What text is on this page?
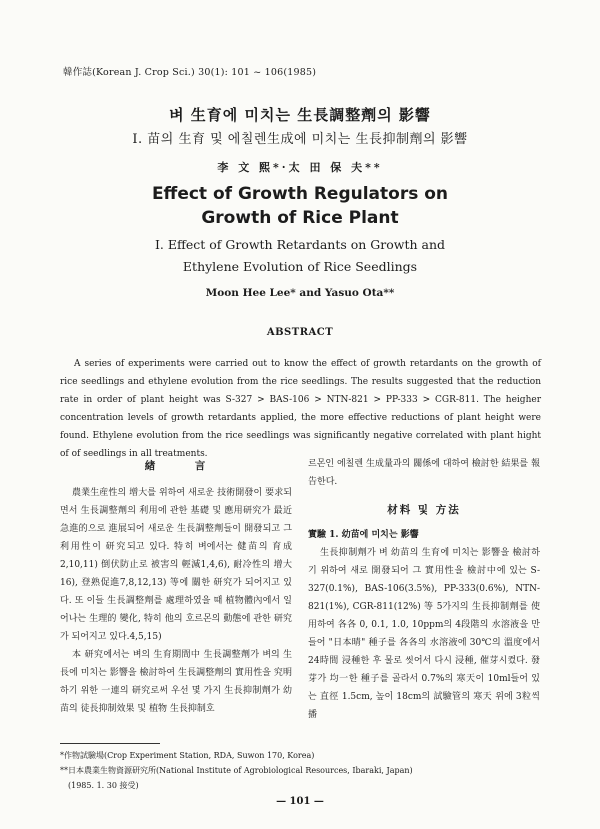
韓作誌(Korean J. Crop Sci.) 30(1): 101 ~ 106(1985)
벼 生育에 미치는 生長調整劑의 影響
I. 苗의 生育 및 에칠렌生成에 미치는 生長抑制劑의 影響
李 文 熙*·太 田 保 夫**
Effect of Growth Regulators on
Growth of Rice Plant
I. Effect of Growth Retardants on Growth and
Ethylene Evolution of Rice Seedlings
Moon Hee Lee* and Yasuo Ota**
ABSTRACT

A series of experiments were carried out to know the effect of growth retardants on the growth of rice seedlings and ethylene evolution from the rice seedlings. The results suggested that the reduction rate in order of plant height was S-327 > BAS-106 > NTN-821 > PP-333 > CGR-811. The heigher concentration levels of growth retardants applied, the more effective reductions of plant height were found. Ethylene evolution from the rice seedlings was significantly negative correlated with plant hight of of seedlings in all treatments.

緖　　　言

農業生産性의 增大를 위하여 새로운 技術開發이 要求되면서 生長調整劑의 利用에 관한 基礎 및 應用研究가 最近 急進的으로 進展되어 새로운 生長調整劑들이 開發되고 그 利用性이 研究되고 있다. 特히 벼에서는 健苗의 育成2,10,11) 倒伏防止로 被害의 輕減1,4,6), 耐冷性의 增大16), 登熟促進7,8,12,13) 等에 關한 研究가 되어지고 있다. 또 이들 生長調整劑를 處理하였을 때 植物體內에서 일어나는 生理的 變化, 特히 他의 호르몬의 動態에 관한 研究가 되어지고 있다.4,5,15)

本 研究에서는 벼의 生育期間中 生長調整劑가 벼의 生長에 미치는 影響을 檢討하여 生長調整劑의 實用性을 究明하기 위한 一連의 研究로써 우선 몇 가지 生長抑制劑가 幼苗의 徒長抑制效果 및 植物 生長抑制호

르몬인 에칠렌 生成量과의 關係에 대하여 檢討한 結果를 報告한다.

材料 및 方法

實驗 1. 幼苗에 미치는 影響

生長抑制劑가 벼 幼苗의 生育에 미치는 影響을 檢討하기 위하여 새로 開發되어 그 實用性을 檢討中에 있는 S-327(0.1%), BAS-106(3.5%), PP-333(0.6%), NTN-821(1%), CGR-811(12%) 等 5가지의 生長抑制劑를 使用하여 各各 0, 0.1, 1.0, 10ppm의 4段階의 水溶液을 만들어 "日本晴" 種子를 各各의 水溶液에 30℃의 溫度에서 24時間 浸種한 후 물로 씻어서 다시 浸種, 催芽시켰다. 發芽가 均一한 種子를 골라서 0.7%의 寒天이 10ml들어 있는 直徑 1.5cm, 높이 18cm의 試驗管의 寒天 위에 3粒씩 播

*作物試驗場(Crop Experiment Station, RDA, Suwon 170, Korea)

**日本農業生物資源研究所(National Institute of Agrobiological Resources, Ibaraki, Japan)

(1985. 1. 30 接受)

— 101 —
